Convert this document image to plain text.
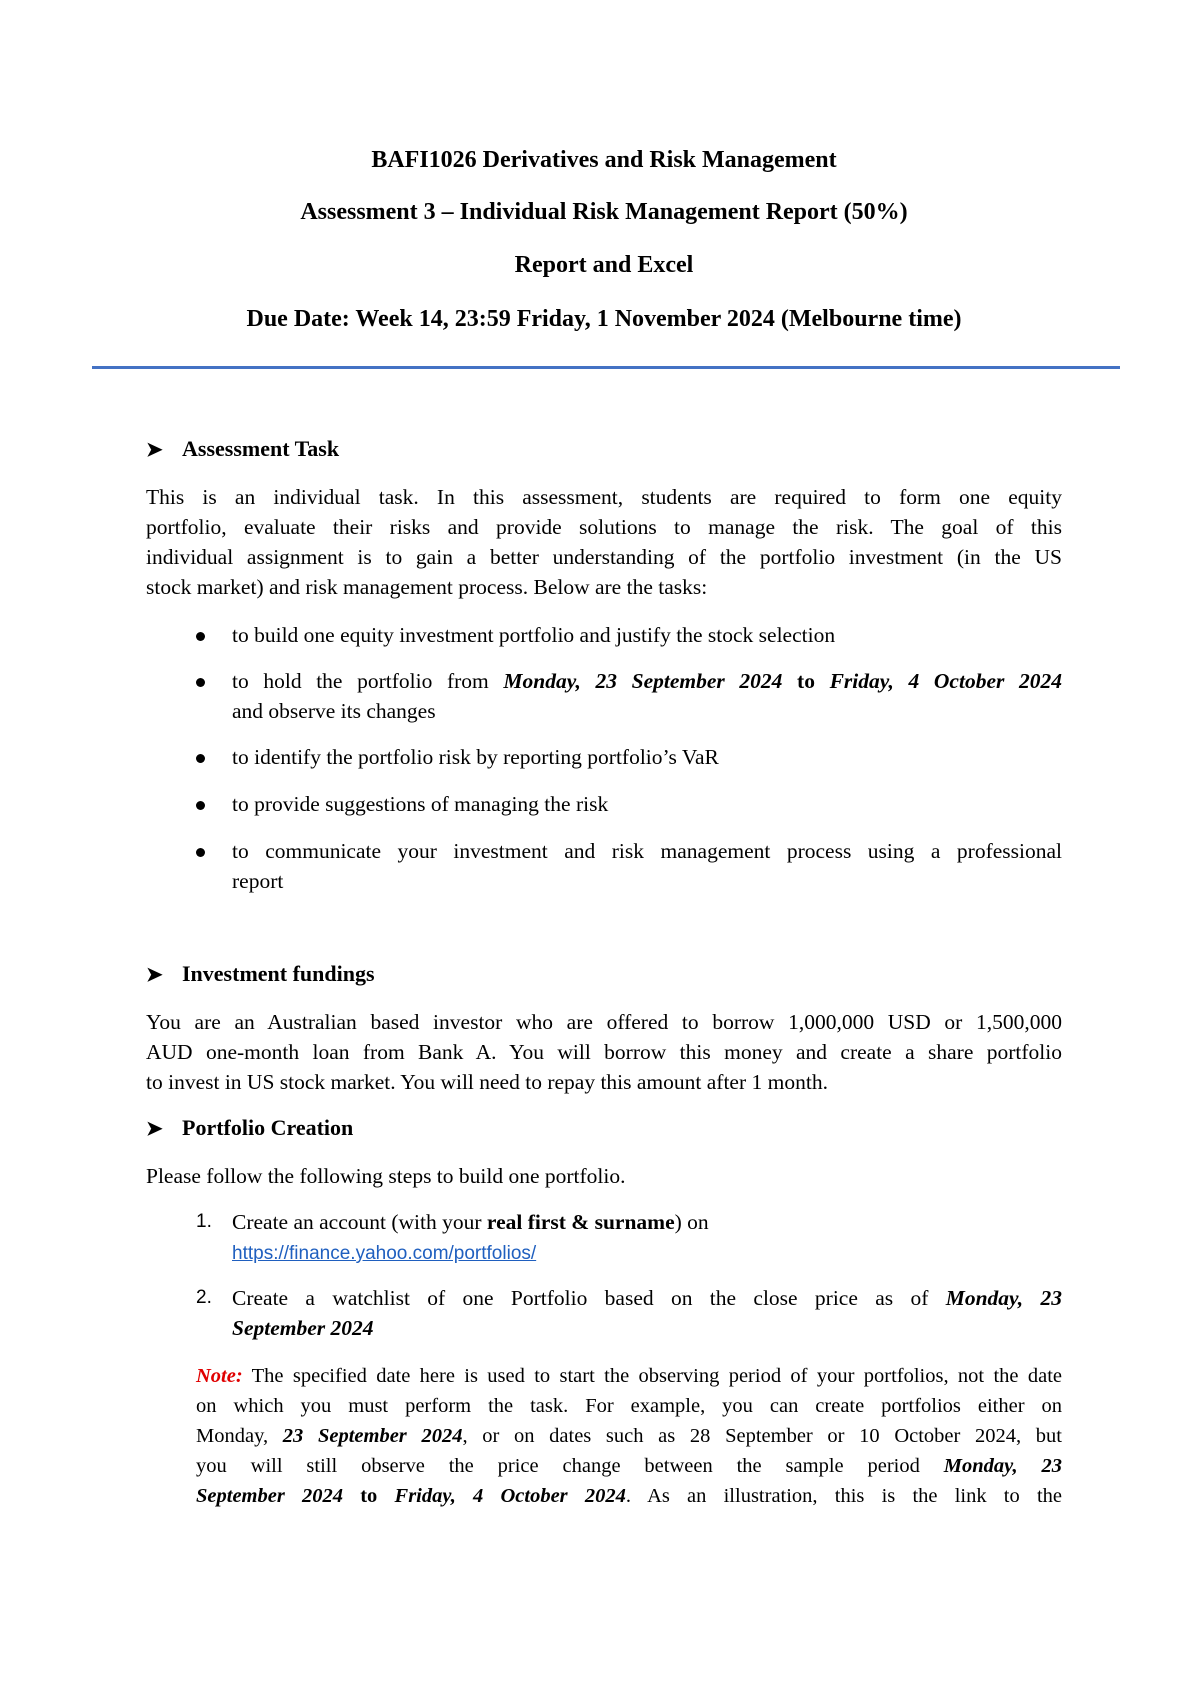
BAFI1026 Derivatives and Risk Management
Assessment 3 – Individual Risk Management Report (50%)
Report and Excel
Due Date: Week 14, 23:59 Friday, 1 November 2024 (Melbourne time)
➤ Assessment Task
This is an individual task. In this assessment, students are required to form one equity
portfolio, evaluate their risks and provide solutions to manage the risk. The goal of this
individual assignment is to gain a better understanding of the portfolio investment (in the US
stock market) and risk management process. Below are the tasks:
to build one equity investment portfolio and justify the stock selection
to hold the portfolio from Monday, 23 September 2024 to Friday, 4 October 2024
and observe its changes
to identify the portfolio risk by reporting portfolio’s VaR
to provide suggestions of managing the risk
to communicate your investment and risk management process using a professional
report
➤ Investment fundings
You are an Australian based investor who are offered to borrow 1,000,000 USD or 1,500,000
AUD one-month loan from Bank A. You will borrow this money and create a share portfolio
to invest in US stock market. You will need to repay this amount after 1 month.
➤ Portfolio Creation
Please follow the following steps to build one portfolio.
1. Create an account (with your real first & surname) on
https://finance.yahoo.com/portfolios/
2. Create a watchlist of one Portfolio based on the close price as of Monday, 23
September 2024
Note: The specified date here is used to start the observing period of your portfolios, not the date
on which you must perform the task. For example, you can create portfolios either on
Monday, 23 September 2024, or on dates such as 28 September or 10 October 2024, but
you will still observe the price change between the sample period Monday, 23
September 2024 to Friday, 4 October 2024. As an illustration, this is the link to the
